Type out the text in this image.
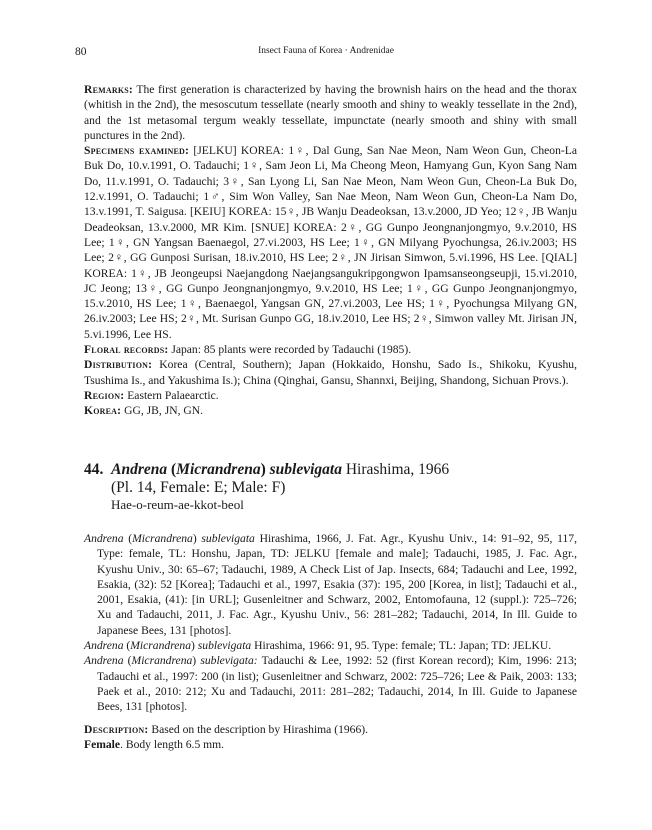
80	Insect Fauna of Korea · Andrenidae

Remarks: The first generation is characterized by having the brownish hairs on the head and the thorax (whitish in the 2nd), the mesoscutum tessellate (nearly smooth and shiny to weakly tessellate in the 2nd), and the 1st metasomal tergum weakly tessellate, impunctate (nearly smooth and shiny with small punctures in the 2nd).

Specimens examined: [JELKU] KOREA: 1♀, Dal Gung, San Nae Meon, Nam Weon Gun, Cheon-La Buk Do, 10.v.1991, O. Tadauchi; 1♀, Sam Jeon Li, Ma Cheong Meon, Hamyang Gun, Kyon Sang Nam Do, 11.v.1991, O. Tadauchi; 3♀, San Lyong Li, San Nae Meon, Nam Weon Gun, Cheon-La Buk Do, 12.v.1991, O. Tadauchi; 1♂, Sim Won Valley, San Nae Meon, Nam Weon Gun, Cheon-La Nam Do, 13.v.1991, T. Saigusa. [KEIU] KOREA: 15♀, JB Wanju Deadeoksan, 13.v.2000, JD Yeo; 12♀, JB Wanju Deadeoksan, 13.v.2000, MR Kim. [SNUE] KOREA: 2♀, GG Gunpo Jeongnanjongmyo, 9.v.2010, HS Lee; 1♀, GN Yangsan Baenaegol, 27.vi.2003, HS Lee; 1♀, GN Milyang Pyochungsa, 26.iv.2003; HS Lee; 2♀, GG Gunposi Surisan, 18.iv.2010, HS Lee; 2♀, JN Jirisan Simwon, 5.vi.1996, HS Lee. [QIAL] KOREA: 1♀, JB Jeongeupsi Naejangdong Naejangsangukripgongwon Ipamsanseongseupji, 15.vi.2010, JC Jeong; 13♀, GG Gunpo Jeongnanjongmyo, 9.v.2010, HS Lee; 1♀, GG Gunpo Jeongnanjongmyo, 15.v.2010, HS Lee; 1♀, Baenaegol, Yangsan GN, 27.vi.2003, Lee HS; 1♀, Pyochungsa Milyang GN, 26.iv.2003; Lee HS; 2♀, Mt. Surisan Gunpo GG, 18.iv.2010, Lee HS; 2♀, Simwon valley Mt. Jirisan JN, 5.vi.1996, Lee HS.

Floral records: Japan: 85 plants were recorded by Tadauchi (1985).

Distribution: Korea (Central, Southern); Japan (Hokkaido, Honshu, Sado Is., Shikoku, Kyushu, Tsushima Is., and Yakushima Is.); China (Qinghai, Gansu, Shannxi, Beijing, Shandong, Sichuan Provs.).

Region: Eastern Palaearctic.

Korea: GG, JB, JN, GN.

44. Andrena (Micrandrena) sublevigata Hirashima, 1966
(Pl. 14, Female: E; Male: F)
Hae-o-reum-ae-kkot-beol

Andrena (Micrandrena) sublevigata Hirashima, 1966, J. Fat. Agr., Kyushu Univ., 14: 91–92, 95, 117, Type: female, TL: Honshu, Japan, TD: JELKU [female and male]; Tadauchi, 1985, J. Fac. Agr., Kyushu Univ., 30: 65–67; Tadauchi, 1989, A Check List of Jap. Insects, 684; Tadauchi and Lee, 1992, Esakia, (32): 52 [Korea]; Tadauchi et al., 1997, Esakia (37): 195, 200 [Korea, in list]; Tadauchi et al., 2001, Esakia, (41): [in URL]; Gusenleitner and Schwarz, 2002, Entomofauna, 12 (suppl.): 725–726; Xu and Tadauchi, 2011, J. Fac. Agr., Kyushu Univ., 56: 281–282; Tadauchi, 2014, In Ill. Guide to Japanese Bees, 131 [photos].

Andrena (Micrandrena) sublevigata Hirashima, 1966: 91, 95. Type: female; TL: Japan; TD: JELKU.

Andrena (Micrandrena) sublevigata: Tadauchi & Lee, 1992: 52 (first Korean record); Kim, 1996: 213; Tadauchi et al., 1997: 200 (in list); Gusenleitner and Schwarz, 2002: 725–726; Lee & Paik, 2003: 133; Paek et al., 2010: 212; Xu and Tadauchi, 2011: 281–282; Tadauchi, 2014, In Ill. Guide to Japanese Bees, 131 [photos].

Description: Based on the description by Hirashima (1966).

Female. Body length 6.5 mm.
